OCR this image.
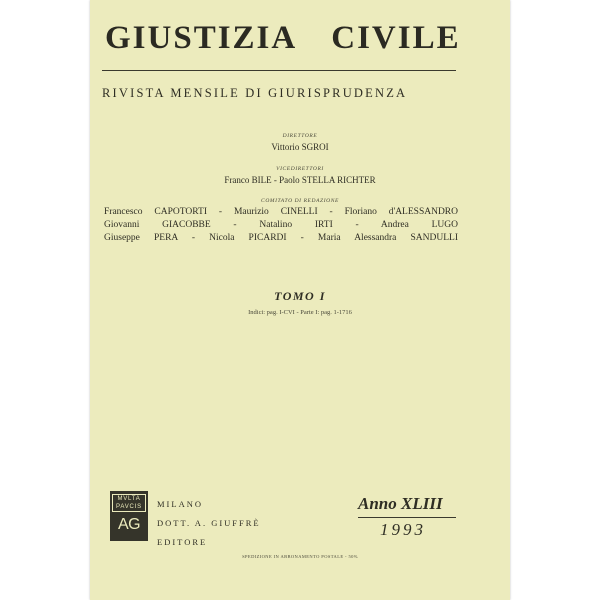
GIUSTIZIA CIVILE
RIVISTA MENSILE DI GIURISPRUDENZA
DIRETTORE
Vittorio SGROI
VICEDIRETTORI
Franco BILE - Paolo STELLA RICHTER
COMITATO DI REDAZIONE
Francesco CAPOTORTI - Maurizio CINELLI - Floriano d'ALESSANDRO
Giovanni GIACOBBE - Natalino IRTI - Andrea LUGO
Giuseppe PERA - Nicola PICARDI - Maria Alessandra SANDULLI
TOMO I
Indici: pag. I-CVI - Parte I: pag. 1-1716
MVLTA
PAVCIS
AG
MILANO
DOTT. A. GIUFFRÈ
EDITORE
Anno XLIII
1993
SPEDIZIONE IN ABBONAMENTO POSTALE - 50%
